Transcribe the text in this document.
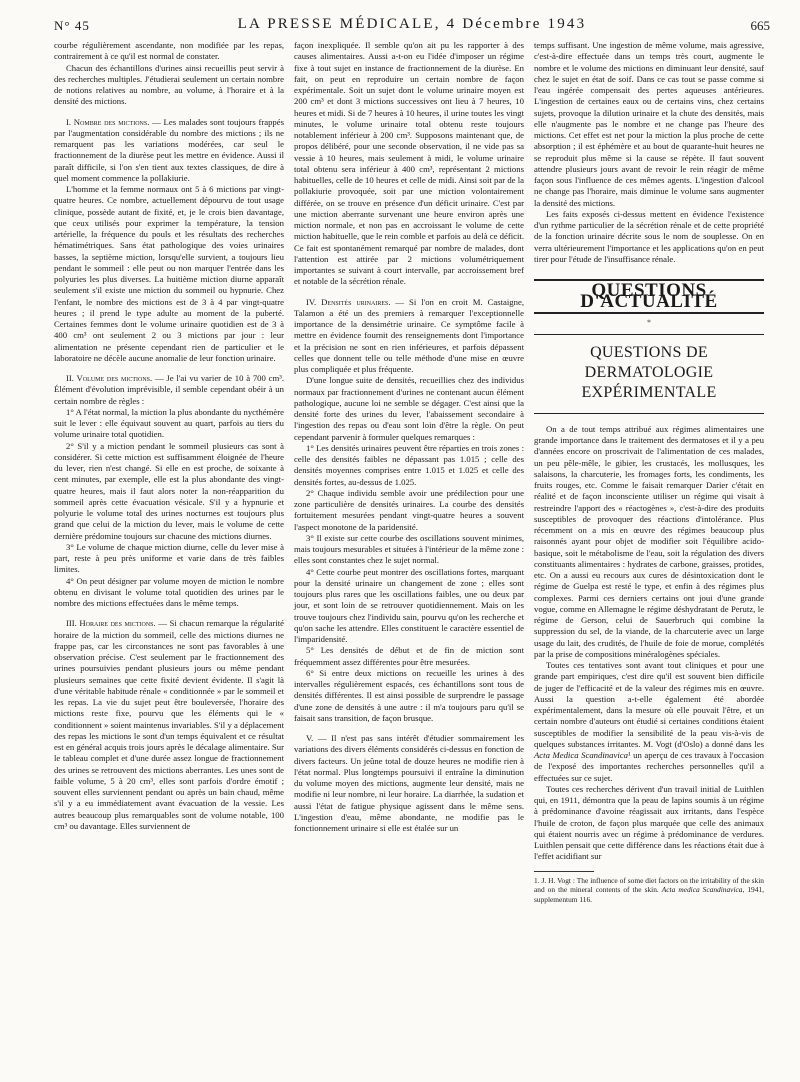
N° 45	LA PRESSE MÉDICALE, 4 Décembre 1943	665

courbe régulièrement ascendante, non modifiée par les repas, contrairement à ce qu'il est normal de constater.

Chacun des échantillons d'urines ainsi recueillis peut servir à des recherches multiples. J'étudierai seulement un certain nombre de notions relatives au nombre, au volume, à l'horaire et à la densité des mictions.

I. Nombre des mictions. — Les malades sont toujours frappés par l'augmentation considérable du nombre des mictions ; ils ne remarquent pas les variations modérées, car seul le fractionnement de la diurèse peut les mettre en évidence. Aussi il paraît difficile, si l'on s'en tient aux textes classiques, de dire à quel moment commence la pollakiurie.

L'homme et la femme normaux ont 5 à 6 mictions par vingt-quatre heures. Ce nombre, actuellement dépourvu de tout usage clinique, possède autant de fixité, et, je le crois bien davantage, que ceux utilisés pour exprimer la température, la tension artérielle, la fréquence du pouls et les résultats des recherches hématimétriques. Sans état pathologique des voies urinaires basses, la septième miction, lorsqu'elle survient, a toujours lieu pendant le sommeil : elle peut ou non marquer l'entrée dans les polyuries les plus diverses. La huitième miction diurne apparaît seulement s'il existe une miction du sommeil ou hypnurie. Chez l'enfant, le nombre des mictions est de 3 à 4 par vingt-quatre heures ; il prend le type adulte au moment de la puberté. Certaines femmes dont le volume urinaire quotidien est de 3 à 400 cm³ ont seulement 2 ou 3 mictions par jour : leur alimentation ne présente cependant rien de particulier et le laboratoire ne décèle aucune anomalie de leur fonction urinaire.

II. Volume des mictions. — Je l'ai vu varier de 10 à 700 cm³. Élément d'évolution imprévisible, il semble cependant obéir à un certain nombre de règles :

1° A l'état normal, la miction la plus abondante du nycthémère suit le lever : elle équivaut souvent au quart, parfois au tiers du volume urinaire total quotidien.

2° S'il y a miction pendant le sommeil plusieurs cas sont à considérer. Si cette miction est suffisamment éloignée de l'heure du lever, rien n'est changé. Si elle en est proche, de soixante à cent minutes, par exemple, elle est la plus abondante des vingt-quatre heures, mais il faut alors noter la non-réapparition du sommeil après cette évacuation vésicale. S'il y a hypnurie et polyurie le volume total des urines nocturnes est toujours plus grand que celui de la miction du lever, mais le volume de cette dernière prédomine toujours sur chacune des mictions diurnes.

3° Le volume de chaque miction diurne, celle du lever mise à part, reste à peu près uniforme et varie dans de très faibles limites.

4° On peut désigner par volume moyen de miction le nombre obtenu en divisant le volume total quotidien des urines par le nombre des mictions effectuées dans le même temps.

III. Horaire des mictions. — Si chacun remarque la régularité horaire de la miction du sommeil, celle des mictions diurnes ne frappe pas, car les circonstances ne sont pas favorables à une observation précise. C'est seulement par le fractionnement des urines poursuivies pendant plusieurs jours ou même pendant plusieurs semaines que cette fixité devient évidente. Il s'agit là d'une véritable habitude rénale « conditionnée » par le sommeil et les repas. La vie du sujet peut être bouleversée, l'horaire des mictions reste fixe, pourvu que les éléments qui le « conditionnent » soient maintenus invariables. S'il y a déplacement des repas les mictions le sont d'un temps équivalent et ce résultat est en général acquis trois jours après le décalage alimentaire. Sur le tableau complet et d'une durée assez longue de fractionnement des urines se retrouvent des mictions aberrantes. Les unes sont de faible volume, 5 à 20 cm³, elles sont parfois d'ordre émotif ; souvent elles surviennent pendant ou après un bain chaud, même s'il y a eu immédiatement avant évacuation de la vessie. Les autres beaucoup plus remarquables sont de volume notable, 100 cm³ ou davantage. Elles surviennent de

façon inexpliquée. Il semble qu'on ait pu les rapporter à des causes alimentaires. Aussi a-t-on eu l'idée d'imposer un régime fixe à tout sujet en instance de fractionnement de la diurèse. En fait, on peut en reproduire un certain nombre de façon expérimentale. Soit un sujet dont le volume urinaire moyen est 200 cm³ et dont 3 mictions successives ont lieu à 7 heures, 10 heures et midi. Si de 7 heures à 10 heures, il urine toutes les vingt minutes, le volume urinaire total obtenu reste toujours notablement inférieur à 200 cm³. Supposons maintenant que, de propos délibéré, pour une seconde observation, il ne vide pas sa vessie à 10 heures, mais seulement à midi, le volume urinaire total obtenu sera inférieur à 400 cm³, représentant 2 mictions habituelles, celle de 10 heures et celle de midi. Ainsi soit par de la pollakiurie provoquée, soit par une miction volontairement différée, on se trouve en présence d'un déficit urinaire. C'est par une miction aberrante survenant une heure environ après une miction normale, et non pas en accroissant le volume de cette miction habituelle, que le rein comble et parfois au delà ce déficit. Ce fait est spontanément remarqué par nombre de malades, dont l'attention est attirée par 2 mictions volumétriquement importantes se suivant à court intervalle, par accroissement bref et notable de la sécrétion rénale.

IV. Densités urinaires. — Si l'on en croit M. Castaigne, Talamon a été un des premiers à remarquer l'exceptionnelle importance de la densimétrie urinaire. Ce symptôme facile à mettre en évidence fournit des renseignements dont l'importance et la précision ne sont en rien inférieures, et parfois dépassent celles que donnent telle ou telle méthode d'une mise en œuvre plus compliquée et plus fréquente.

D'une longue suite de densités, recueillies chez des individus normaux par fractionnement d'urines ne contenant aucun élément pathologique, aucune loi ne semble se dégager. C'est ainsi que la densité forte des urines du lever, l'abaissement secondaire à l'ingestion des repas ou d'eau sont loin d'être la règle. On peut cependant parvenir à formuler quelques remarques :

1° Les densités urinaires peuvent être réparties en trois zones : celle des densités faibles ne dépassant pas 1.015 ; celle des densités moyennes comprises entre 1.015 et 1.025 et celle des densités fortes, au-dessus de 1.025.

2° Chaque individu semble avoir une prédilection pour une zone particulière de densités urinaires. La courbe des densités fortuitement mesurées pendant vingt-quatre heures a souvent l'aspect monotone de la paridensité.

3° Il existe sur cette courbe des oscillations souvent minimes, mais toujours mesurables et situées à l'intérieur de la même zone : elles sont constantes chez le sujet normal.

4° Cette courbe peut montrer des oscillations fortes, marquant pour la densité urinaire un changement de zone ; elles sont toujours plus rares que les oscillations faibles, une ou deux par jour, et sont loin de se retrouver quotidiennement. Mais on les trouve toujours chez l'individu sain, pourvu qu'on les recherche et qu'on sache les attendre. Elles constituent le caractère essentiel de l'imparidensité.

5° Les densités de début et de fin de miction sont fréquemment assez différentes pour être mesurées.

6° Si entre deux mictions on recueille les urines à des intervalles régulièrement espacés, ces échantillons sont tous de densités différentes. Il est ainsi possible de surprendre le passage d'une zone de densités à une autre : il m'a toujours paru qu'il se faisait sans transition, de façon brusque.

V. — Il n'est pas sans intérêt d'étudier sommairement les variations des divers éléments considérés ci-dessus en fonction de divers facteurs. Un jeûne total de douze heures ne modifie rien à l'état normal. Plus longtemps poursuivi il entraîne la diminution du volume moyen des mictions, augmente leur densité, mais ne modifie ni leur nombre, ni leur horaire. La diarrhée, la sudation et aussi l'état de fatigue physique agissent dans le même sens. L'ingestion d'eau, même abondante, ne modifie pas le fonctionnement urinaire si elle est étalée sur un

temps suffisant. Une ingestion de même volume, mais agressive, c'est-à-dire effectuée dans un temps très court, augmente le nombre et le volume des mictions en diminuant leur densité, sauf chez le sujet en état de soif. Dans ce cas tout se passe comme si l'eau ingérée compensait des pertes aqueuses antérieures. L'ingestion de certaines eaux ou de certains vins, chez certains sujets, provoque la dilution urinaire et la chute des densités, mais elle n'augmente pas le nombre et ne change pas l'heure des mictions. Cet effet est net pour la miction la plus proche de cette absorption ; il est éphémère et au bout de quarante-huit heures ne se reproduit plus même si la cause se répète. Il faut souvent attendre plusieurs jours avant de revoir le rein réagir de même façon sous l'influence de ces mêmes agents. L'ingestion d'alcool ne change pas l'horaire, mais diminue le volume sans augmenter la densité des mictions.

Les faits exposés ci-dessus mettent en évidence l'existence d'un rythme particulier de la sécrétion rénale et de cette propriété de la fonction urinaire décrite sous le nom de souplesse. On en verra ultérieurement l'importance et les applications qu'on en peut tirer pour l'étude de l'insuffisance rénale.

QUESTIONS D'ACTUALITÉ
*
QUESTIONS DE DERMATOLOGIE
EXPÉRIMENTALE

On a de tout temps attribué aux régimes alimentaires une grande importance dans le traitement des dermatoses et il y a peu d'années encore on proscrivait de l'alimentation de ces malades, un peu pêle-mêle, le gibier, les crustacés, les mollusques, les salaisons, la charcuterie, les fromages forts, les condiments, les fruits rouges, etc. Comme le faisait remarquer Darier c'était en réalité et de façon inconsciente utiliser un régime qui visait à restreindre l'apport des « réactogènes », c'est-à-dire des produits susceptibles de provoquer des réactions d'intolérance. Plus récemment on a mis en œuvre des régimes beaucoup plus raisonnés ayant pour objet de modifier soit l'équilibre acido-basique, soit le métabolisme de l'eau, soit la régulation des divers constituants alimentaires : hydrates de carbone, graisses, protides, etc. On a aussi eu recours aux cures de désintoxication dont le régime de Guelpa est resté le type, et enfin à des régimes plus complexes. Parmi ces derniers certains ont joui d'une grande vogue, comme en Allemagne le régime déshydratant de Perutz, le régime de Gerson, celui de Sauerbruch qui combine la suppression du sel, de la viande, de la charcuterie avec un large usage du lait, des crudités, de l'huile de foie de morue, complétés par la prise de compositions minéralogènes spéciales.

Toutes ces tentatives sont avant tout cliniques et pour une grande part empiriques, c'est dire qu'il est souvent bien difficile de juger de l'efficacité et de la valeur des régimes mis en œuvre. Aussi la question a-t-elle également été abordée expérimentalement, dans la mesure où elle pouvait l'être, et un certain nombre d'auteurs ont étudié si certaines conditions étaient susceptibles de modifier la sensibilité de la peau vis-à-vis de quelques substances irritantes. M. Vogt (d'Oslo) a donné dans les Acta Medica Scandinavica¹ un aperçu de ces travaux à l'occasion de l'exposé des importantes recherches personnelles qu'il a effectuées sur ce sujet.

Toutes ces recherches dérivent d'un travail initial de Luithlen qui, en 1911, démontra que la peau de lapins soumis à un régime à prédominance d'avoine réagissait aux irritants, dans l'espèce l'huile de croton, de façon plus marquée que celle des animaux qui étaient nourris avec un régime à prédominance de verdures. Luithlen pensait que cette différence dans les réactions était due à l'effet acidifiant sur

1. J. H. Vogt : The influence of some diet factors on the irritability of the skin and on the mineral contents of the skin. Acta medica Scandinavica, 1941, supplementum 116.
